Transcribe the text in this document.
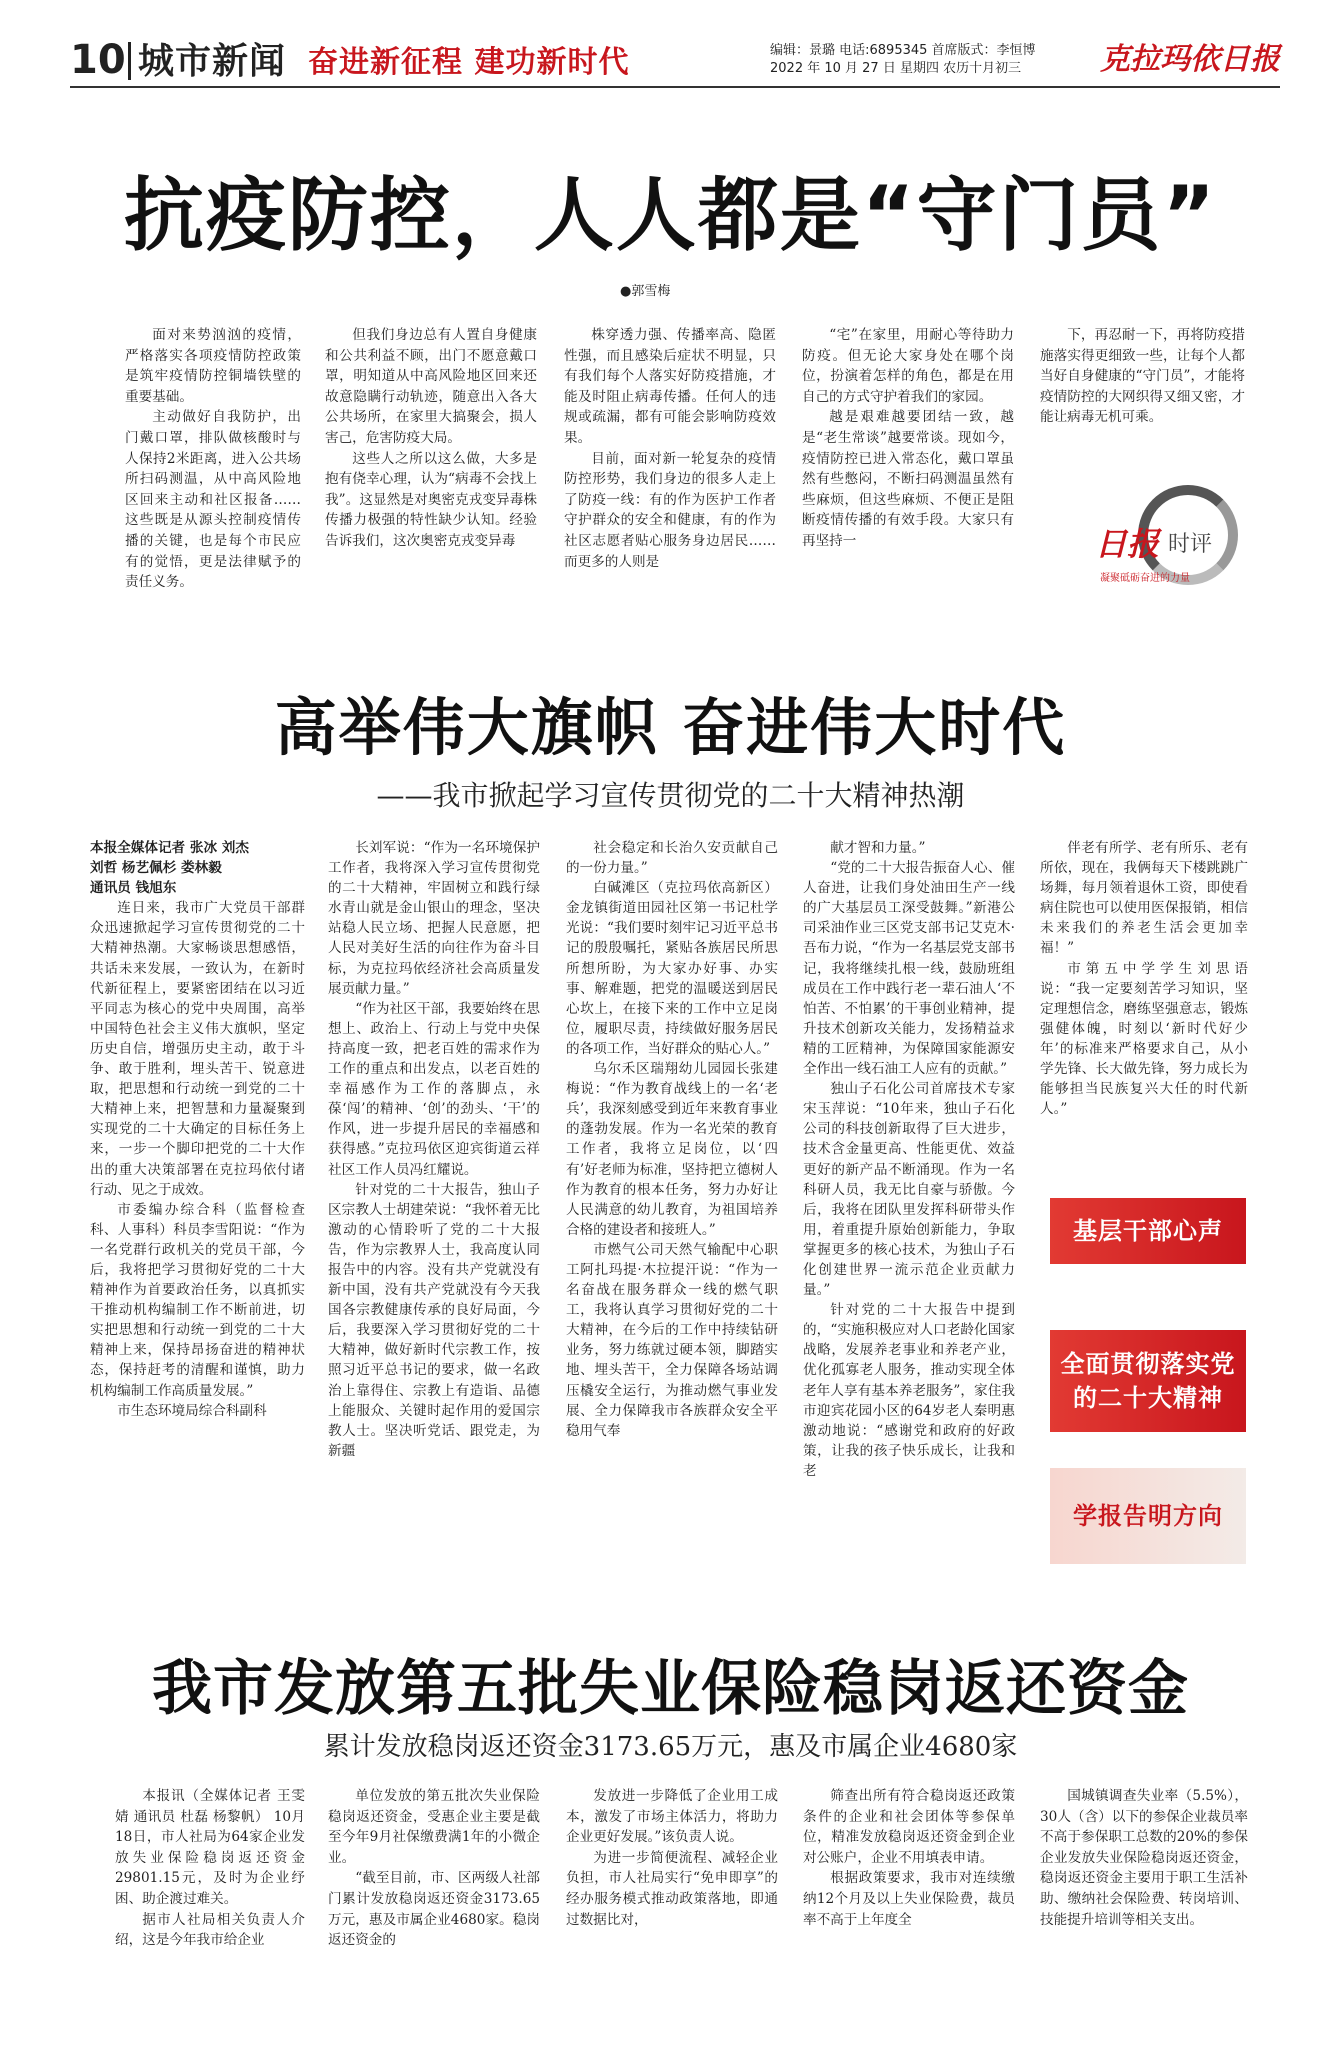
10 城市新闻 奋进新征程 建功新时代	编辑：景璐 电话:6895345 首席版式：李恒博
2022 年 10 月 27 日 星期四 农历十月初三	克拉玛依日报
抗疫防控，人人都是“守门员”
●郭雪梅

面对来势汹汹的疫情，严格落实各项疫情防控政策是筑牢疫情防控铜墙铁壁的重要基础。

主动做好自我防护，出门戴口罩，排队做核酸时与人保持2米距离，进入公共场所扫码测温，从中高风险地区回来主动和社区报备……这些既是从源头控制疫情传播的关键，也是每个市民应有的觉悟，更是法律赋予的责任义务。

但我们身边总有人置自身健康和公共利益不顾，出门不愿意戴口罩，明知道从中高风险地区回来还故意隐瞒行动轨迹，随意出入各大公共场所，在家里大搞聚会，损人害己，危害防疫大局。

这些人之所以这么做，大多是抱有侥幸心理，认为“病毒不会找上我”。这显然是对奥密克戎变异毒株传播力极强的特性缺少认知。经验告诉我们，这次奥密克戎变异毒

株穿透力强、传播率高、隐匿性强，而且感染后症状不明显，只有我们每个人落实好防疫措施，才能及时阻止病毒传播。任何人的违规或疏漏，都有可能会影响防疫效果。

目前，面对新一轮复杂的疫情防控形势，我们身边的很多人走上了防疫一线：有的作为医护工作者守护群众的安全和健康，有的作为社区志愿者贴心服务身边居民……而更多的人则是

“宅”在家里，用耐心等待助力防疫。但无论大家身处在哪个岗位，扮演着怎样的角色，都是在用自己的方式守护着我们的家园。

越是艰难越要团结一致，越是“老生常谈”越要常谈。现如今，疫情防控已进入常态化，戴口罩虽然有些憋闷，不断扫码测温虽然有些麻烦，但这些麻烦、不便正是阻断疫情传播的有效手段。大家只有再坚持一

下，再忍耐一下，再将防疫措施落实得更细致一些，让每个人都当好自身健康的“守门员”，才能将疫情防控的大网织得又细又密，才能让病毒无机可乘。

日报 时评
凝聚砥砺奋进的力量
高举伟大旗帜 奋进伟大时代
——我市掀起学习宣传贯彻党的二十大精神热潮

本报全媒体记者 张冰 刘杰

刘哲 杨艺佩杉 娄林毅

通讯员 钱旭东

连日来，我市广大党员干部群众迅速掀起学习宣传贯彻党的二十大精神热潮。大家畅谈思想感悟，共话未来发展，一致认为，在新时代新征程上，要紧密团结在以习近平同志为核心的党中央周围，高举中国特色社会主义伟大旗帜，坚定历史自信，增强历史主动，敢于斗争、敢于胜利，埋头苦干、锐意进取，把思想和行动统一到党的二十大精神上来，把智慧和力量凝聚到实现党的二十大确定的目标任务上来，一步一个脚印把党的二十大作出的重大决策部署在克拉玛依付诸行动、见之于成效。

市委编办综合科（监督检查科、人事科）科员李雪阳说：“作为一名党群行政机关的党员干部，今后，我将把学习贯彻好党的二十大精神作为首要政治任务，以真抓实干推动机构编制工作不断前进，切实把思想和行动统一到党的二十大精神上来，保持昂扬奋进的精神状态，保持赶考的清醒和谨慎，助力机构编制工作高质量发展。”

市生态环境局综合科副科

长刘军说：“作为一名环境保护工作者，我将深入学习宣传贯彻党的二十大精神，牢固树立和践行绿水青山就是金山银山的理念，坚决站稳人民立场、把握人民意愿，把人民对美好生活的向往作为奋斗目标，为克拉玛依经济社会高质量发展贡献力量。”

“作为社区干部，我要始终在思想上、政治上、行动上与党中央保持高度一致，把老百姓的需求作为工作的重点和出发点，以老百姓的幸福感作为工作的落脚点，永葆‘闯’的精神、‘创’的劲头、‘干’的作风，进一步提升居民的幸福感和获得感。”克拉玛依区迎宾街道云祥社区工作人员冯红耀说。

针对党的二十大报告，独山子区宗教人士胡建荣说：“我怀着无比激动的心情聆听了党的二十大报告，作为宗教界人士，我高度认同报告中的内容。没有共产党就没有新中国，没有共产党就没有今天我国各宗教健康传承的良好局面，今后，我要深入学习贯彻好党的二十大精神，做好新时代宗教工作，按照习近平总书记的要求，做一名政治上靠得住、宗教上有造诣、品德上能服众、关键时起作用的爱国宗教人士。坚决听党话、跟党走，为新疆

社会稳定和长治久安贡献自己的一份力量。”

白碱滩区（克拉玛依高新区）金龙镇街道田园社区第一书记杜学光说：“我们要时刻牢记习近平总书记的殷殷嘱托，紧贴各族居民所思所想所盼，为大家办好事、办实事、解难题，把党的温暖送到居民心坎上，在接下来的工作中立足岗位，履职尽责，持续做好服务居民的各项工作，当好群众的贴心人。”

乌尔禾区瑞翔幼儿园园长张建梅说：“作为教育战线上的一名‘老兵’，我深刻感受到近年来教育事业的蓬勃发展。作为一名光荣的教育工作者，我将立足岗位，以‘四有’好老师为标准，坚持把立德树人作为教育的根本任务，努力办好让人民满意的幼儿教育，为祖国培养合格的建设者和接班人。”

市燃气公司天然气输配中心职工阿扎玛提·木拉提汗说：“作为一名奋战在服务群众一线的燃气职工，我将认真学习贯彻好党的二十大精神，在今后的工作中持续钻研业务，努力练就过硬本领，脚踏实地、埋头苦干，全力保障各场站调压橇安全运行，为推动燃气事业发展、全力保障我市各族群众安全平稳用气奉

献才智和力量。”

“党的二十大报告振奋人心、催人奋进，让我们身处油田生产一线的广大基层员工深受鼓舞。”新港公司采油作业三区党支部书记艾克木·吾布力说，“作为一名基层党支部书记，我将继续扎根一线，鼓励班组成员在工作中践行老一辈石油人‘不怕苦、不怕累’的干事创业精神，提升技术创新攻关能力，发扬精益求精的工匠精神，为保障国家能源安全作出一线石油工人应有的贡献。”

独山子石化公司首席技术专家宋玉萍说：“10年来，独山子石化公司的科技创新取得了巨大进步，技术含金量更高、性能更优、效益更好的新产品不断涌现。作为一名科研人员，我无比自豪与骄傲。今后，我将在团队里发挥科研带头作用，着重提升原始创新能力，争取掌握更多的核心技术，为独山子石化创建世界一流示范企业贡献力量。”

针对党的二十大报告中提到的，“实施积极应对人口老龄化国家战略，发展养老事业和养老产业，优化孤寡老人服务，推动实现全体老年人享有基本养老服务”，家住我市迎宾花园小区的64岁老人秦明惠激动地说：“感谢党和政府的好政策，让我的孩子快乐成长，让我和老

伴老有所学、老有所乐、老有所依，现在，我俩每天下楼跳跳广场舞，每月领着退休工资，即使看病住院也可以使用医保报销，相信未来我们的养老生活会更加幸福！”

市第五中学学生刘思语说：“我一定要刻苦学习知识，坚定理想信念，磨练坚强意志，锻炼强健体魄，时刻以‘新时代好少年’的标准来严格要求自己，从小学先锋、长大做先锋，努力成长为能够担当民族复兴大任的时代新人。”

基层干部心声
全面贯彻落实党的二十大精神
学报告明方向
我市发放第五批失业保险稳岗返还资金
累计发放稳岗返还资金3173.65万元，惠及市属企业4680家

本报讯（全媒体记者 王雯婧 通讯员 杜磊 杨黎帆） 10月18日，市人社局为64家企业发放失业保险稳岗返还资金29801.15元，及时为企业纾困、助企渡过难关。

据市人社局相关负责人介绍，这是今年我市给企业

单位发放的第五批次失业保险稳岗返还资金，受惠企业主要是截至今年9月社保缴费满1年的小微企业。

“截至目前，市、区两级人社部门累计发放稳岗返还资金3173.65万元，惠及市属企业4680家。稳岗返还资金的

发放进一步降低了企业用工成本，激发了市场主体活力，将助力企业更好发展。”该负责人说。

为进一步简便流程、减轻企业负担，市人社局实行“免申即享”的经办服务模式推动政策落地，即通过数据比对，

筛查出所有符合稳岗返还政策条件的企业和社会团体等参保单位，精准发放稳岗返还资金到企业对公账户，企业不用填表申请。

根据政策要求，我市对连续缴纳12个月及以上失业保险费，裁员率不高于上年度全

国城镇调查失业率（5.5%），30人（含）以下的参保企业裁员率不高于参保职工总数的20%的参保企业发放失业保险稳岗返还资金，稳岗返还资金主要用于职工生活补助、缴纳社会保险费、转岗培训、技能提升培训等相关支出。
